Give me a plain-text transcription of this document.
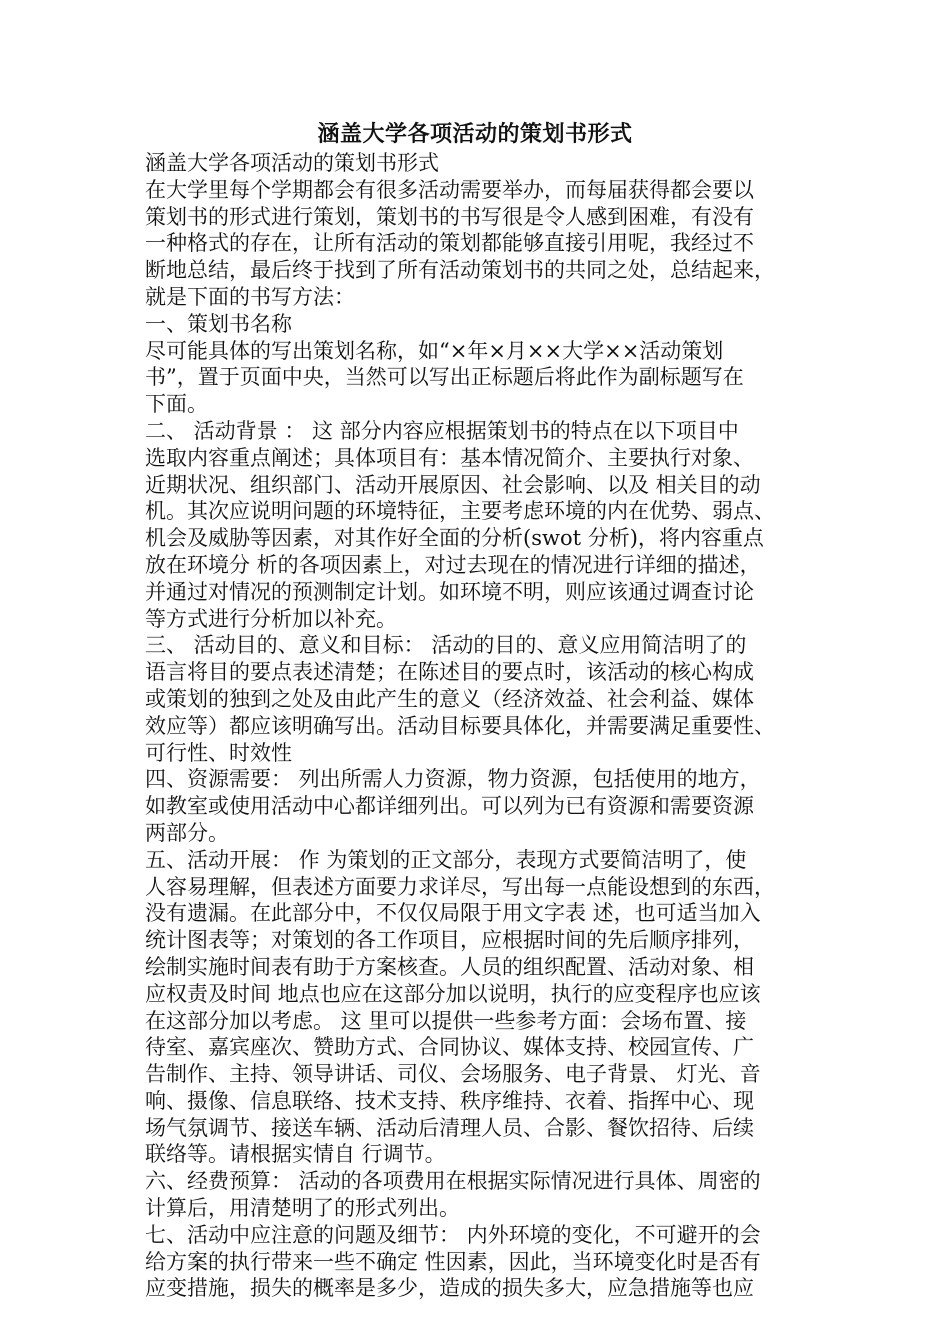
涵盖大学各项活动的策划书形式
涵盖大学各项活动的策划书形式
在大学里每个学期都会有很多活动需要举办，而每届获得都会要以
策划书的形式进行策划，策划书的书写很是令人感到困难，有没有
一种格式的存在，让所有活动的策划都能够直接引用呢，我经过不
断地总结，最后终于找到了所有活动策划书的共同之处，总结起来，
就是下面的书写方法：
一、策划书名称
尽可能具体的写出策划名称，如“×年×月××大学××活动策划
书”，置于页面中央，当然可以写出正标题后将此作为副标题写在
下面。
二、 活动背景 ： 这 部分内容应根据策划书的特点在以下项目中
选取内容重点阐述；具体项目有：基本情况简介、主要执行对象、
近期状况、组织部门、活动开展原因、社会影响、以及 相关目的动
机。其次应说明问题的环境特征，主要考虑环境的内在优势、弱点、
机会及威胁等因素，对其作好全面的分析(swot 分析)，将内容重点
放在环境分 析的各项因素上，对过去现在的情况进行详细的描述，
并通过对情况的预测制定计划。如环境不明，则应该通过调查讨论
等方式进行分析加以补充。
三、 活动目的、意义和目标： 活动的目的、意义应用简洁明了的
语言将目的要点表述清楚；在陈述目的要点时，该活动的核心构成
或策划的独到之处及由此产生的意义（经济效益、社会利益、媒体
效应等）都应该明确写出。活动目标要具体化，并需要满足重要性、
可行性、时效性
四、资源需要： 列出所需人力资源，物力资源，包括使用的地方，
如教室或使用活动中心都详细列出。可以列为已有资源和需要资源
两部分。
五、活动开展： 作 为策划的正文部分，表现方式要简洁明了，使
人容易理解，但表述方面要力求详尽，写出每一点能设想到的东西，
没有遗漏。在此部分中，不仅仅局限于用文字表 述，也可适当加入
统计图表等；对策划的各工作项目，应根据时间的先后顺序排列，
绘制实施时间表有助于方案核查。人员的组织配置、活动对象、相
应权责及时间 地点也应在这部分加以说明，执行的应变程序也应该
在这部分加以考虑。 这 里可以提供一些参考方面：会场布置、接
待室、嘉宾座次、赞助方式、合同协议、媒体支持、校园宣传、广
告制作、主持、领导讲话、司仪、会场服务、电子背景、 灯光、音
响、摄像、信息联络、技术支持、秩序维持、衣着、指挥中心、现
场气氛调节、接送车辆、活动后清理人员、合影、餐饮招待、后续
联络等。请根据实情自 行调节。
六、经费预算： 活动的各项费用在根据实际情况进行具体、周密的
计算后，用清楚明了的形式列出。
七、活动中应注意的问题及细节： 内外环境的变化，不可避开的会
给方案的执行带来一些不确定 性因素，因此，当环境变化时是否有
应变措施，损失的概率是多少，造成的损失多大，应急措施等也应
